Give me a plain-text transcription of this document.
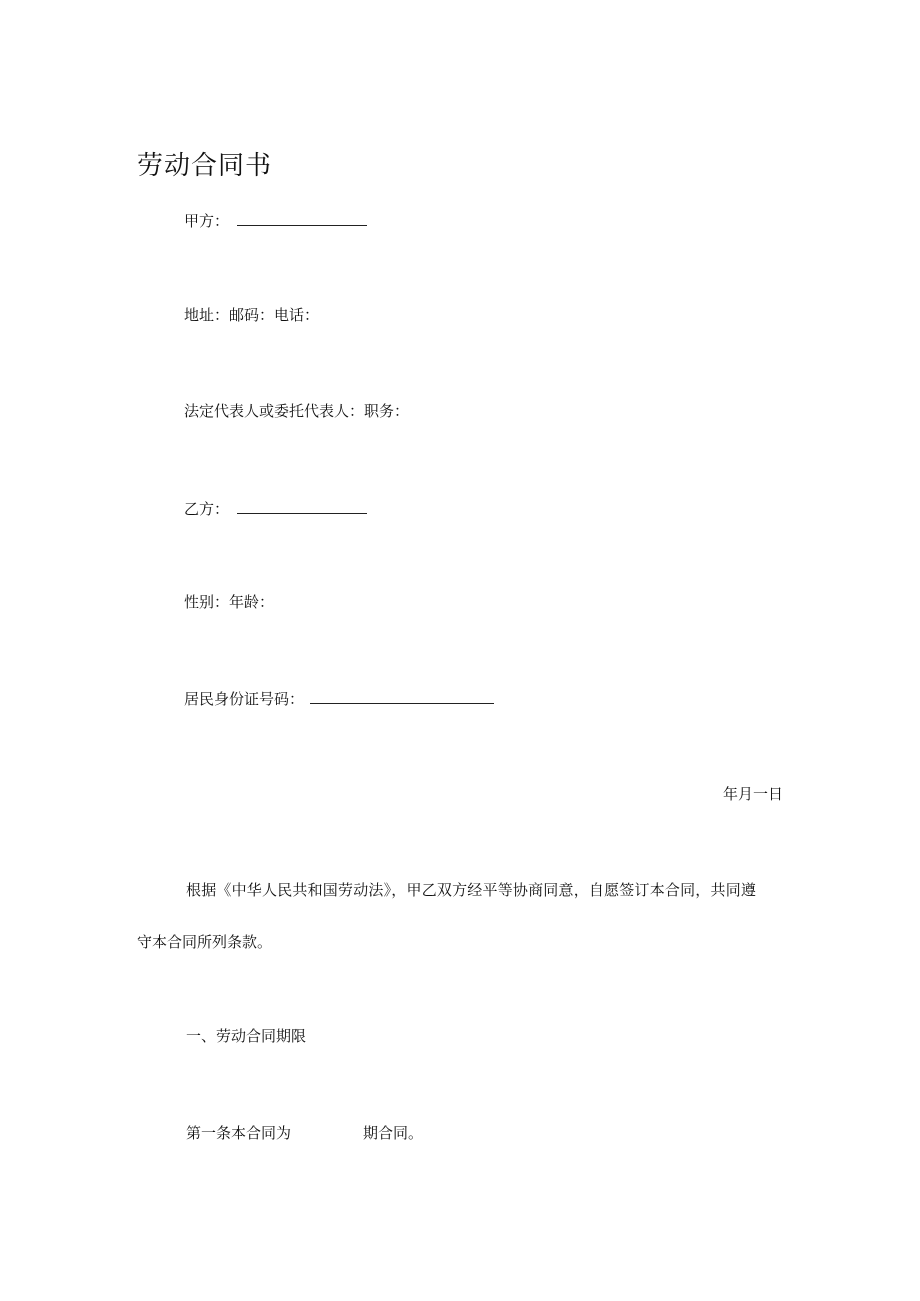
劳动合同书
甲方：
地址：邮码：电话：
法定代表人或委托代表人：职务：
乙方：
性别：年龄：
居民身份证号码：
年月一日
根据《中华人民共和国劳动法》，甲乙双方经平等协商同意，自愿签订本合同，共同遵
守本合同所列条款。
一、劳动合同期限
第一条本合同为	期合同。
